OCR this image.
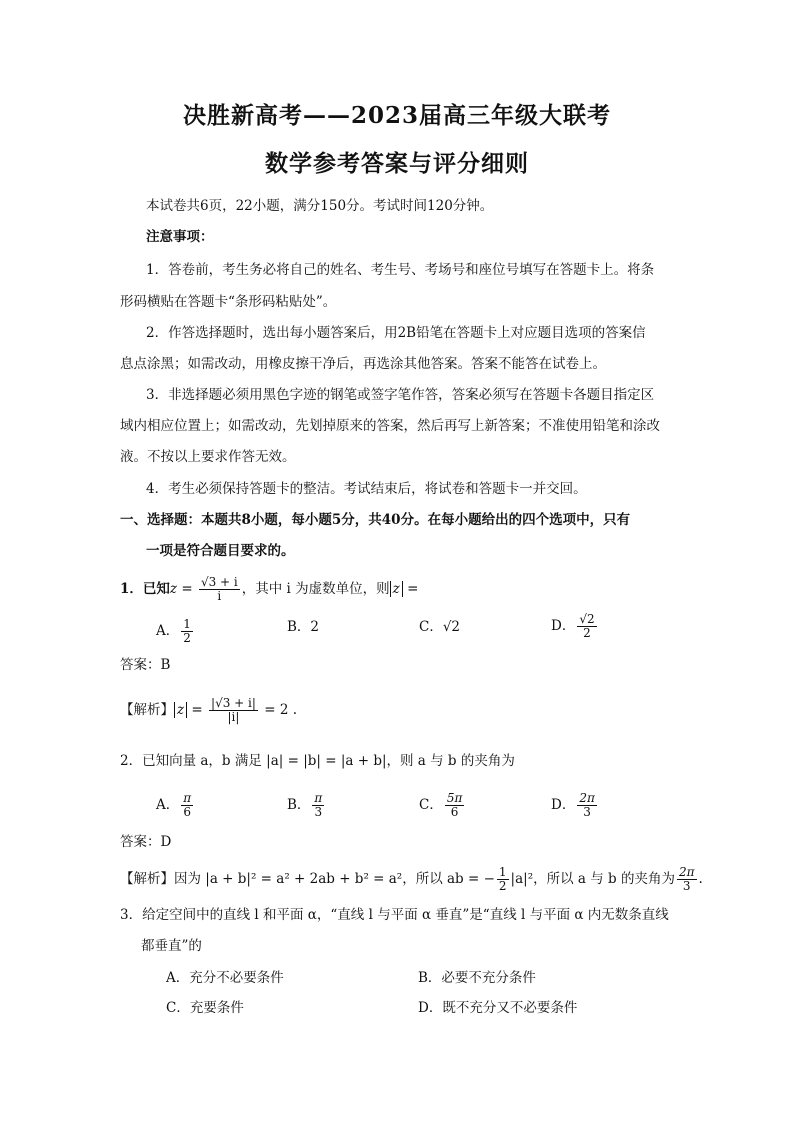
决胜新高考——2023届高三年级大联考
数学参考答案与评分细则
本试卷共6页，22小题，满分150分。考试时间120分钟。
注意事项：
1．答卷前，考生务必将自己的姓名、考生号、考场号和座位号填写在答题卡上。将条
形码横贴在答题卡“条形码粘贴处”。
2．作答选择题时，选出每小题答案后，用2B铅笔在答题卡上对应题目选项的答案信
息点涂黑；如需改动，用橡皮擦干净后，再选涂其他答案。答案不能答在试卷上。
3．非选择题必须用黑色字迹的钢笔或签字笔作答，答案必须写在答题卡各题目指定区
域内相应位置上；如需改动，先划掉原来的答案，然后再写上新答案；不准使用铅笔和涂改
液。不按以上要求作答无效。
4．考生必须保持答题卡的整洁。考试结束后，将试卷和答题卡一并交回。
一、选择题：本题共8小题，每小题5分，共40分。在每小题给出的四个选项中，只有
一项是符合题目要求的。
1．已知$z = \frac{√3 + i}{i}$ ，其中 i 为虚数单位，则 z =
A． $\frac{1}{2}$	B．2	C．√2	D． $\frac{√2}{2}$
答案：B
【解析】 $z = \frac{|√3 + i|}{|i|} = 2$ .
2．已知向量 a，b 满足 |a| = |b| = |a + b|，则 a 与 b 的夹角为
A． $\frac{\pi}{6}$	B． $\frac{\pi}{3}$	C． $\frac{5\pi}{6}$	D． $\frac{2\pi}{3}$
答案：D
【解析】因为 |a + b|² = a² + 2ab + b² = a²，所以 ab = − $\frac{1}{2} |a|^2$，所以 a 与 b 的夹角为 $\frac{2\pi}{3}$ .
3．给定空间中的直线 l 和平面 α，“直线 l 与平面 α 垂直”是“直线 l 与平面 α 内无数条直线
都垂直”的
A．充分不必要条件	B．必要不充分条件
C．充要条件	D．既不充分又不必要条件
